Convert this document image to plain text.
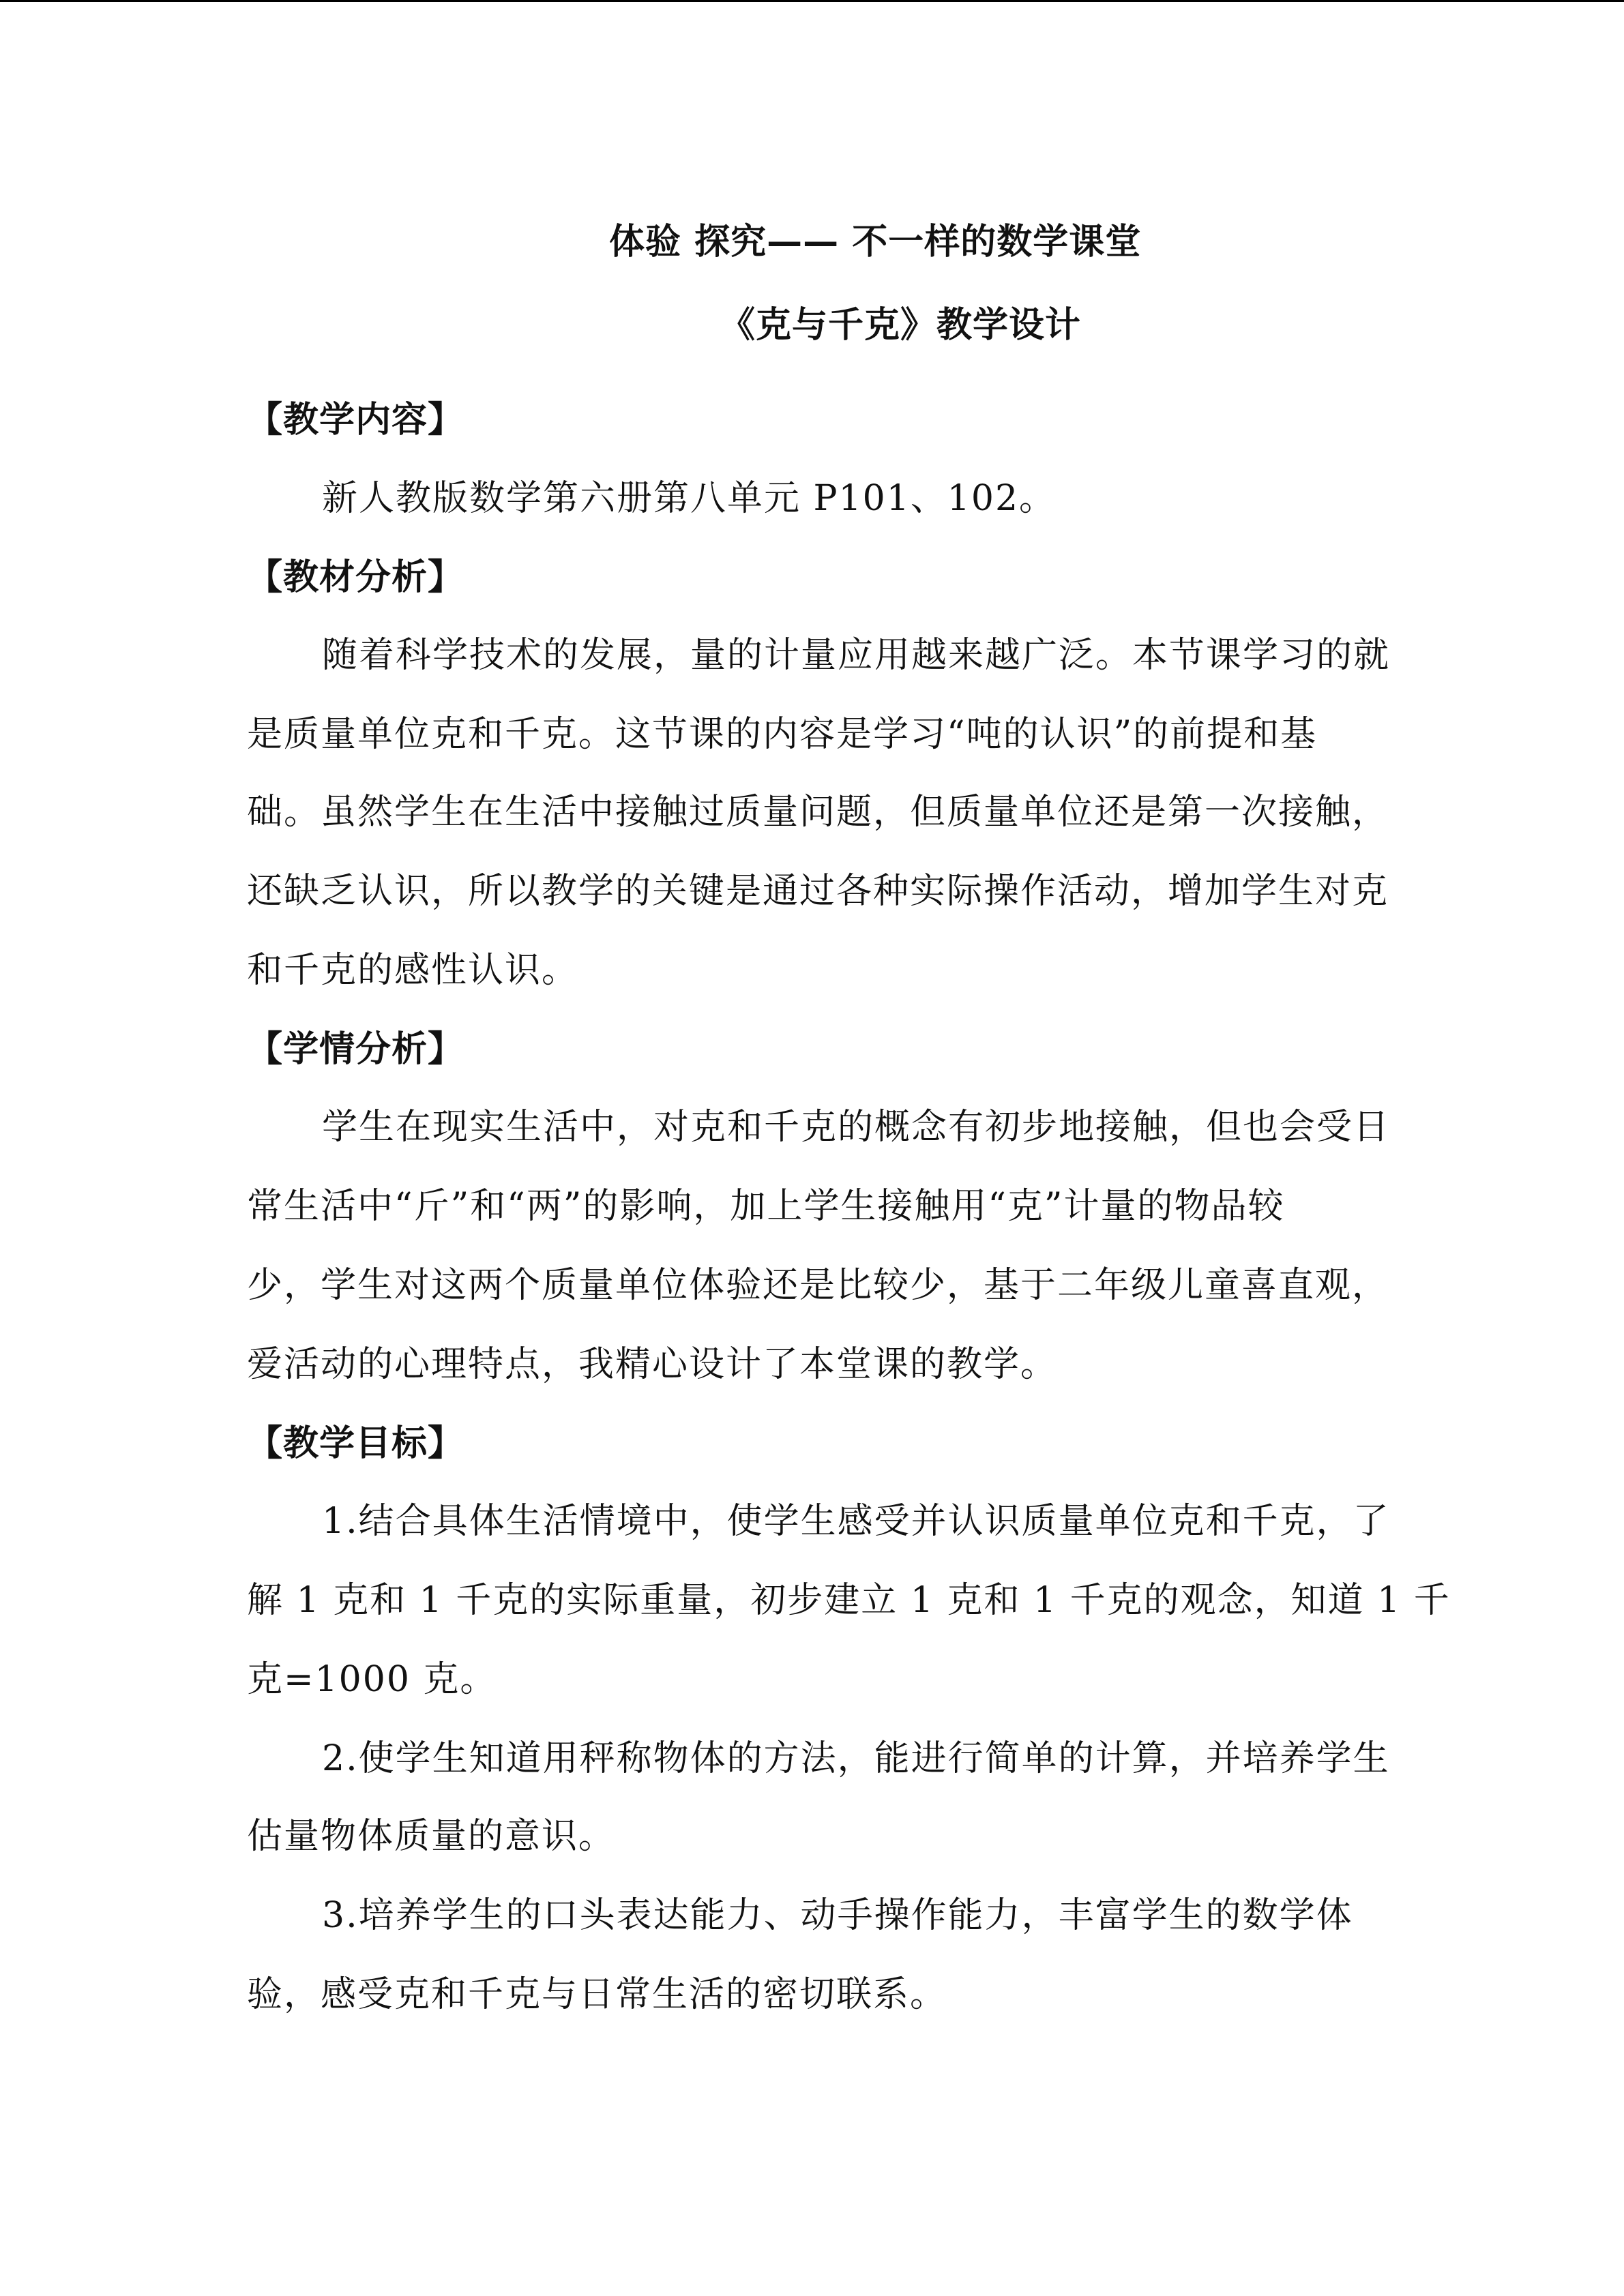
体验 探究—— 不一样的数学课堂
《克与千克》教学设计
【教学内容】
新人教版数学第六册第八单元 P101、102。
【教材分析】
随着科学技术的发展，量的计量应用越来越广泛。本节课学习的就
是质量单位克和千克。这节课的内容是学习“吨的认识”的前提和基
础。虽然学生在生活中接触过质量问题，但质量单位还是第一次接触，
还缺乏认识，所以教学的关键是通过各种实际操作活动，增加学生对克
和千克的感性认识。
【学情分析】
学生在现实生活中，对克和千克的概念有初步地接触，但也会受日
常生活中“斤”和“两”的影响，加上学生接触用“克”计量的物品较
少，学生对这两个质量单位体验还是比较少，基于二年级儿童喜直观，
爱活动的心理特点，我精心设计了本堂课的教学。
【教学目标】
1.结合具体生活情境中，使学生感受并认识质量单位克和千克，了
解 1 克和 1 千克的实际重量，初步建立 1 克和 1 千克的观念，知道 1 千
克=1000 克。
2.使学生知道用秤称物体的方法，能进行简单的计算，并培养学生
估量物体质量的意识。
3.培养学生的口头表达能力、动手操作能力，丰富学生的数学体
验，感受克和千克与日常生活的密切联系。
